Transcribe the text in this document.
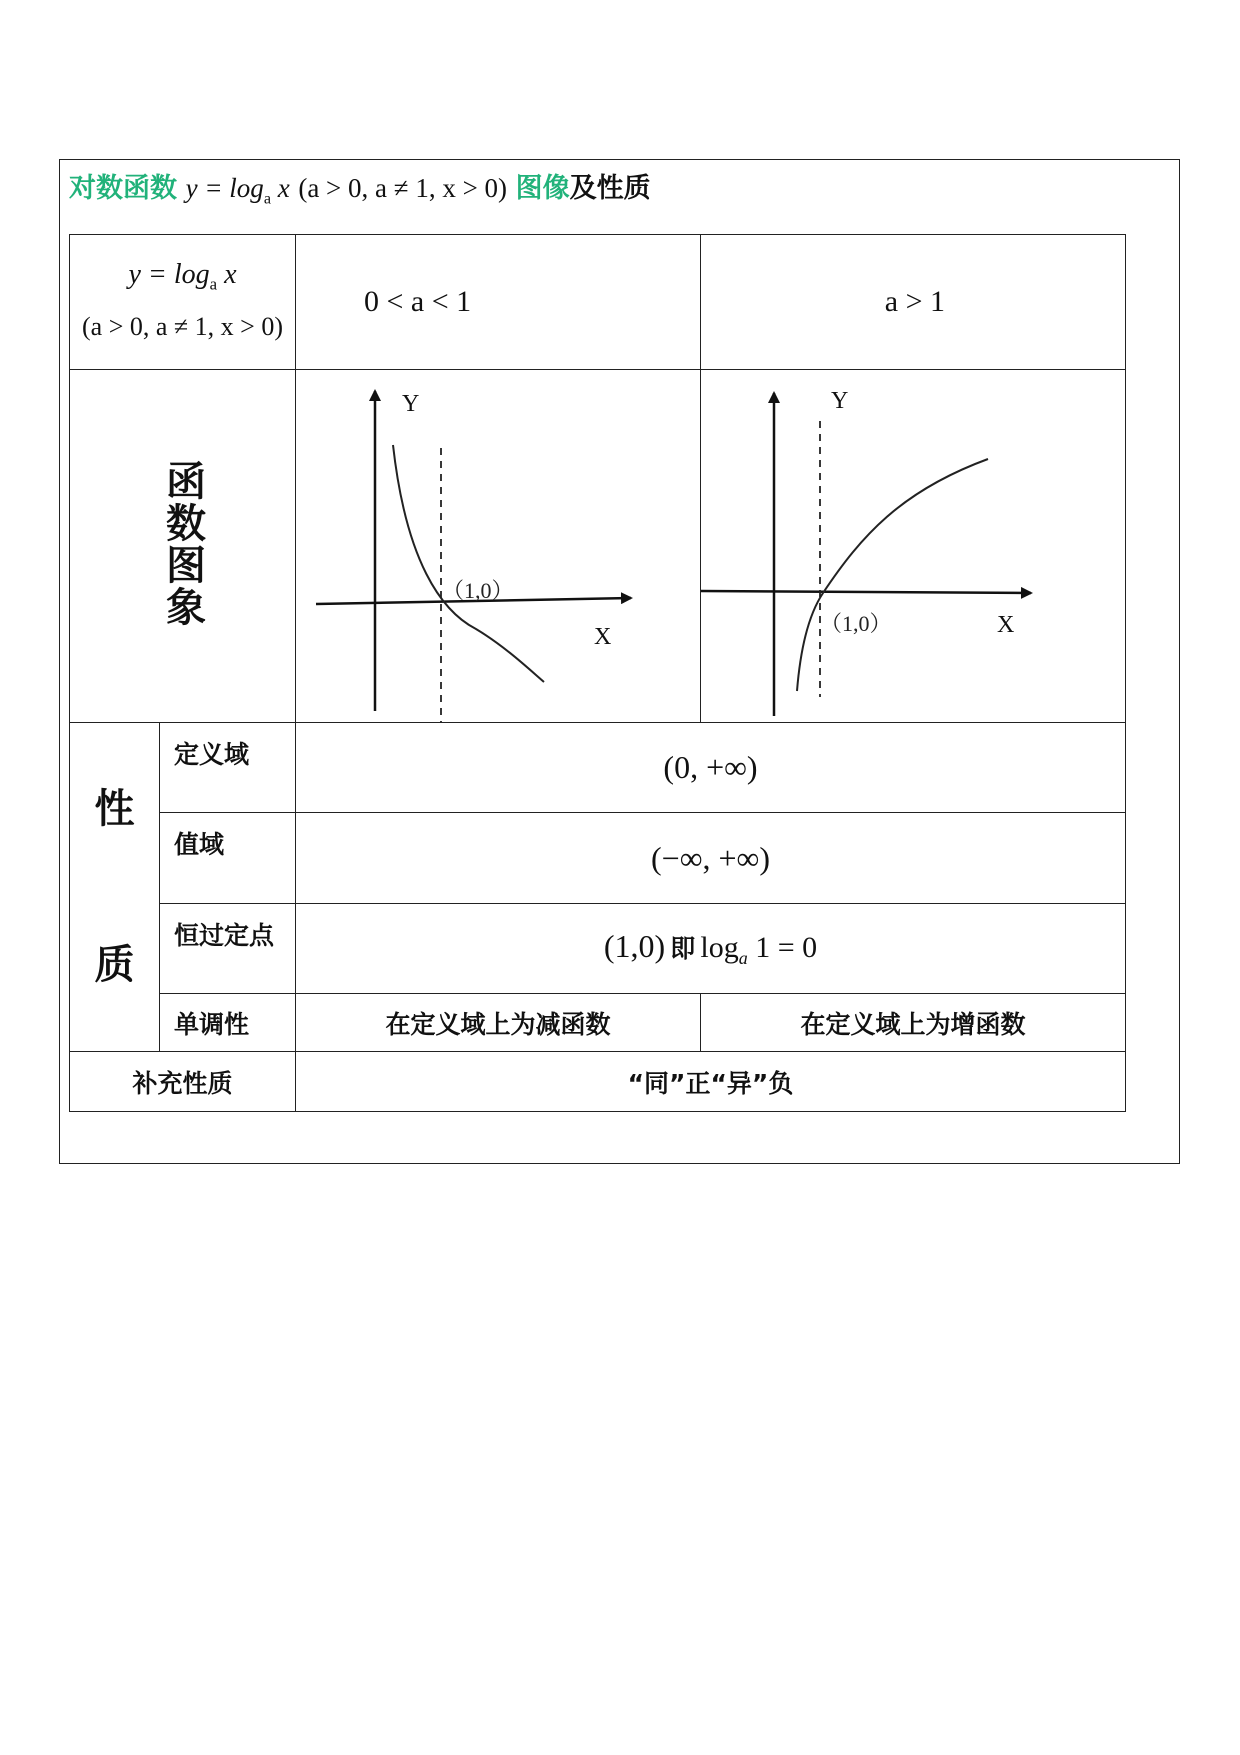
对数函数 $y = \log_a x$ (a > 0, a ≠ 1, x > 0) 图像及性质
$y = \log_a x$
(a > 0, a ≠ 1, x > 0)		0 < a < 1	a > 1
函数图象		Y
X
（1,0）	Y
X
（1,0）

性
质	定义域	(0, +∞)	
	值域	(−∞, +∞)	
	恒过定点	(1,0) 即 $\log_a 1 = 0$	
	单调性	在定义域上为减函数	在定义域上为增函数
补充性质		“同”正“异”负	
